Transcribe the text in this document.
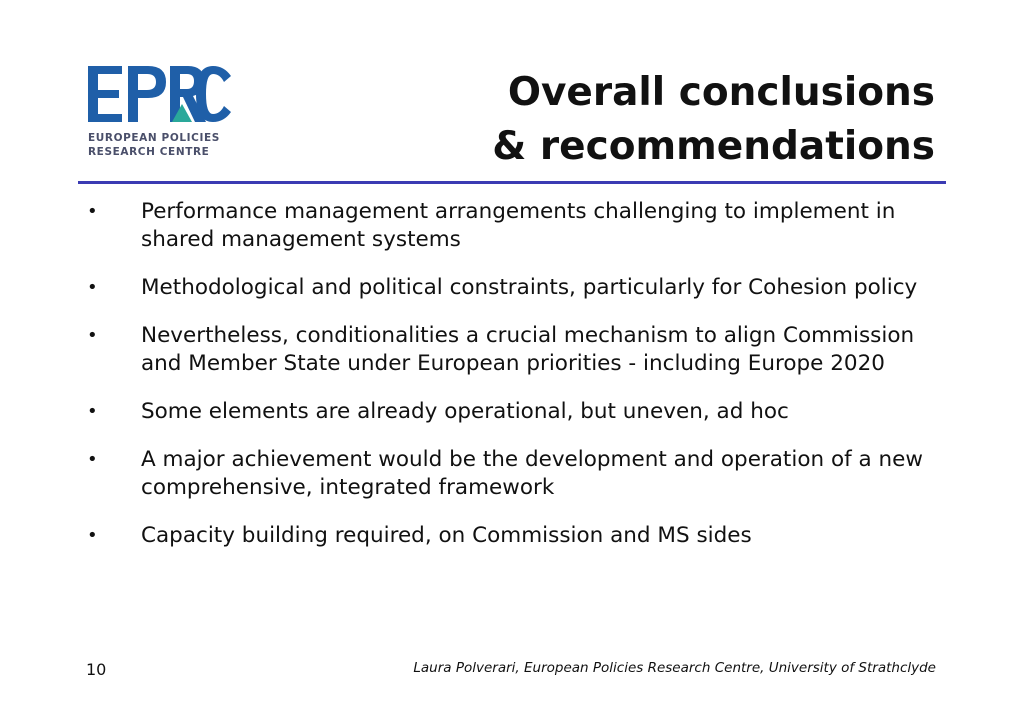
EUROPEAN POLICIES
RESEARCH CENTRE
Overall conclusions
& recommendations
• Performance management arrangements challenging to implement in shared management systems
• Methodological and political constraints, particularly for Cohesion policy
• Nevertheless, conditionalities a crucial mechanism to align Commission and Member State under European priorities - including Europe 2020
• Some elements are already operational, but uneven, ad hoc
• A major achievement would be the development and operation of a new comprehensive, integrated framework
• Capacity building required, on Commission and MS sides
10	Laura Polverari, European Policies Research Centre, University of Strathclyde
